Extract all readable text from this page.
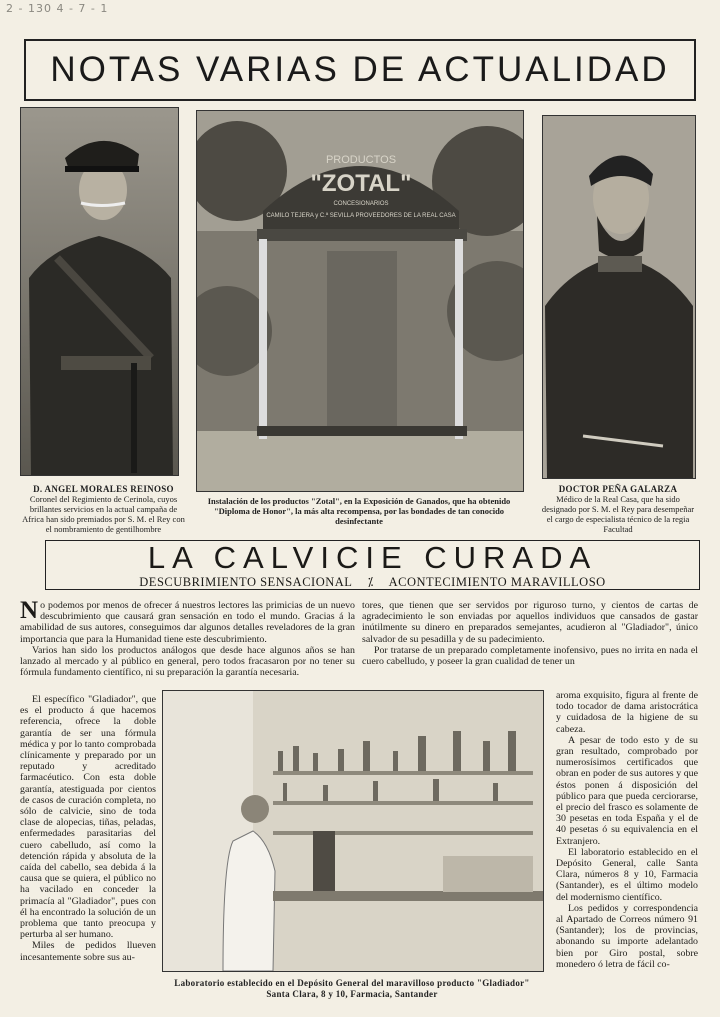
2 - 130 4 - 7 - 1
NOTAS VARIAS DE ACTUALIDAD
PRODUCTOS
"ZOTAL"
CONCESIONARIOS
CAMILO TEJERA y C.ª SEVILLA PROVEEDORES DE LA REAL CASA
D. ANGEL MORALES REINOSO
Coronel del Regimiento de Cerinola, cuyos brillantes servicios en la actual campaña de Africa han sido premiados por S. M. el Rey con el nombramiento de gentilhombre
Instalación de los productos "Zotal", en la Exposición de Ganados, que ha obtenido "Diploma de Honor", la más alta recompensa, por las bondades de tan conocido desinfectante
DOCTOR PEÑA GALARZA
Médico de la Real Casa, que ha sido designado por S. M. el Rey para desempeñar el cargo de especialista técnico de la regia Facultad
LA CALVICIE CURADA
DESCUBRIMIENTO SENSACIONAL ⁒ ACONTECIMIENTO MARAVILLOSO

No podemos por menos de ofrecer á nuestros lectores las primicias de un nuevo descubrimiento que causará gran sensación en todo el mundo. Gracias á la amabilidad de sus autores, conseguimos dar algunos detalles reveladores de la gran importancia que para la Humanidad tiene este descubrimiento.

Varios han sido los productos análogos que desde hace algunos años se han lanzado al mercado y al público en general, pero todos fracasaron por no tener su fórmula fundamento científico, ni su preparación la garantía necesaria.

El específico "Gladiador", que es el producto á que hacemos referencia, ofrece la doble garantía de ser una fórmula médica y por lo tanto comprobada clínicamente y preparado por un reputado y acreditado farmacéutico. Con esta doble garantía, atestiguada por cientos de casos de curación completa, no sólo de calvicie, sino de toda clase de alopecias, tiñas, peladas, enfermedades parasitarias del cuero cabelludo, así como la detención rápida y absoluta de la caída del cabello, sea debida á la causa que se quiera, el público no ha vacilado en conceder la primacía al "Gladiador", pues con él ha encontrado la solución de un problema que tanto preocupa y perturba al ser humano.

Miles de pedidos llueven incesantemente sobre sus au-

tores, que tienen que ser servidos por riguroso turno, y cientos de cartas de agradecimiento le son enviadas por aquellos individuos que cansados de gastar inútilmente su dinero en preparados semejantes, acudieron al "Gladiador", único salvador de su pesadilla y de su padecimiento.

Por tratarse de un preparado completamente inofensivo, pues no irrita en nada el cuero cabelludo, y poseer la gran cualidad de tener un

Laboratorio establecido en el Depósito General del maravilloso producto "Gladiador"
Santa Clara, 8 y 10, Farmacia, Santander

aroma exquisito, figura al frente de todo tocador de dama aristocrática y cuidadosa de la higiene de su cabeza.

A pesar de todo esto y de su gran resultado, comprobado por numerosísimos certificados que obran en poder de sus autores y que éstos ponen á disposición del público para que pueda cerciorarse, el precio del frasco es solamente de 30 pesetas en toda España y el de 40 pesetas ó su equivalencia en el Extranjero.

El laboratorio establecido en el Depósito General, calle Santa Clara, números 8 y 10, Farmacia (Santander), es el último modelo del modernismo científico.

Los pedidos y correspondencia al Apartado de Correos número 91 (Santander); los de provincias, abonando su importe adelantado bien por Giro postal, sobre monedero ó letra de fácil co-
